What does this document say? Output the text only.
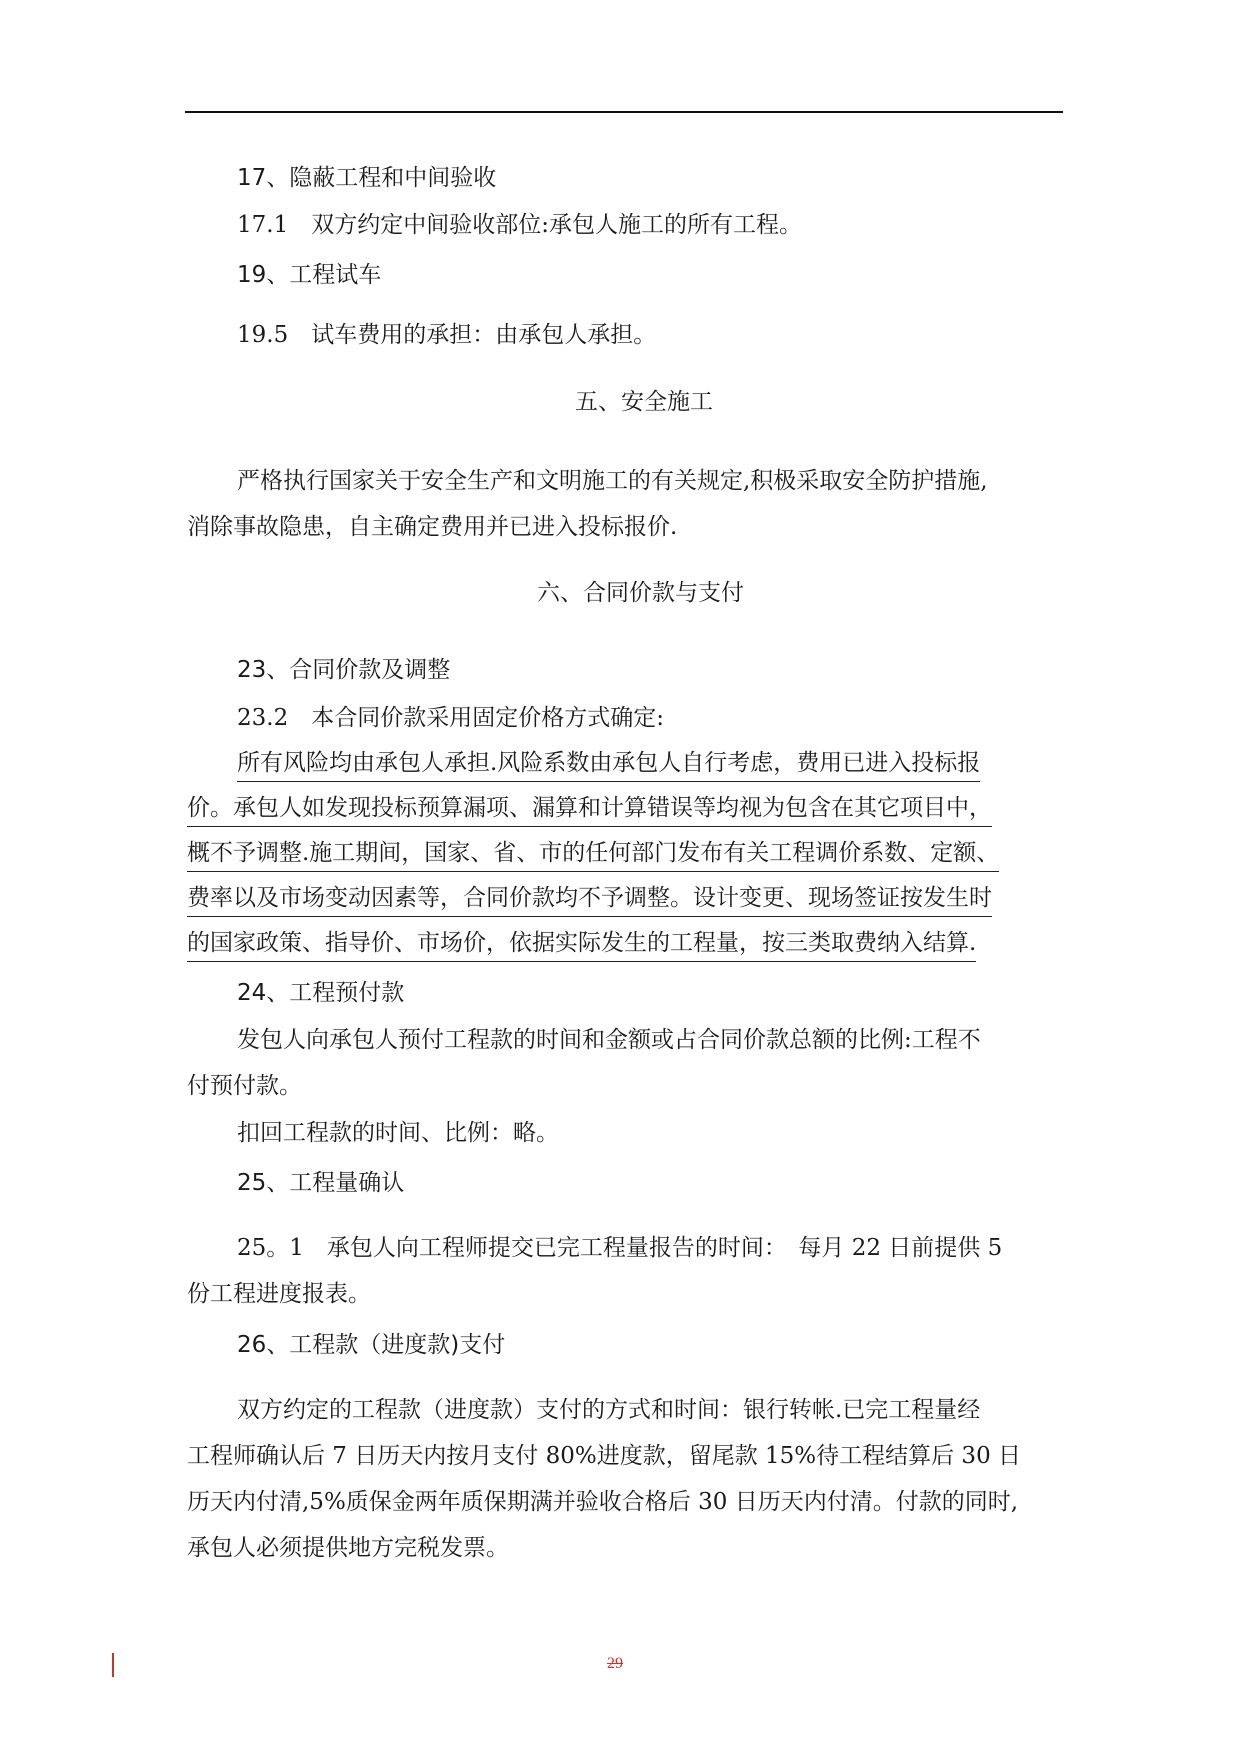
17、隐蔽工程和中间验收
17.1　双方约定中间验收部位:承包人施工的所有工程。
19、工程试车
19.5　试车费用的承担：由承包人承担。
五、安全施工
严格执行国家关于安全生产和文明施工的有关规定,积极采取安全防护措施,
消除事故隐患，自主确定费用并已进入投标报价.
六、合同价款与支付
23、合同价款及调整
23.2　本合同价款采用固定价格方式确定:
所有风险均由承包人承担.风险系数由承包人自行考虑，费用已进入投标报
价。承包人如发现投标预算漏项、漏算和计算错误等均视为包含在其它项目中，
概不予调整.施工期间，国家、省、市的任何部门发布有关工程调价系数、定额、
费率以及市场变动因素等，合同价款均不予调整。设计变更、现场签证按发生时
的国家政策、指导价、市场价，依据实际发生的工程量，按三类取费纳入结算.
24、工程预付款
发包人向承包人预付工程款的时间和金额或占合同价款总额的比例:工程不
付预付款。
扣回工程款的时间、比例：略。
25、工程量确认
25。1　承包人向工程师提交已完工程量报告的时间：　每月 22 日前提供 5
份工程进度报表。
26、工程款（进度款)支付
双方约定的工程款（进度款）支付的方式和时间：银行转帐.已完工程量经
工程师确认后 7 日历天内按月支付 80%进度款，留尾款 15%待工程结算后 30 日
历天内付清,5%质保金两年质保期满并验收合格后 30 日历天内付清。付款的同时,
承包人必须提供地方完税发票。
29
